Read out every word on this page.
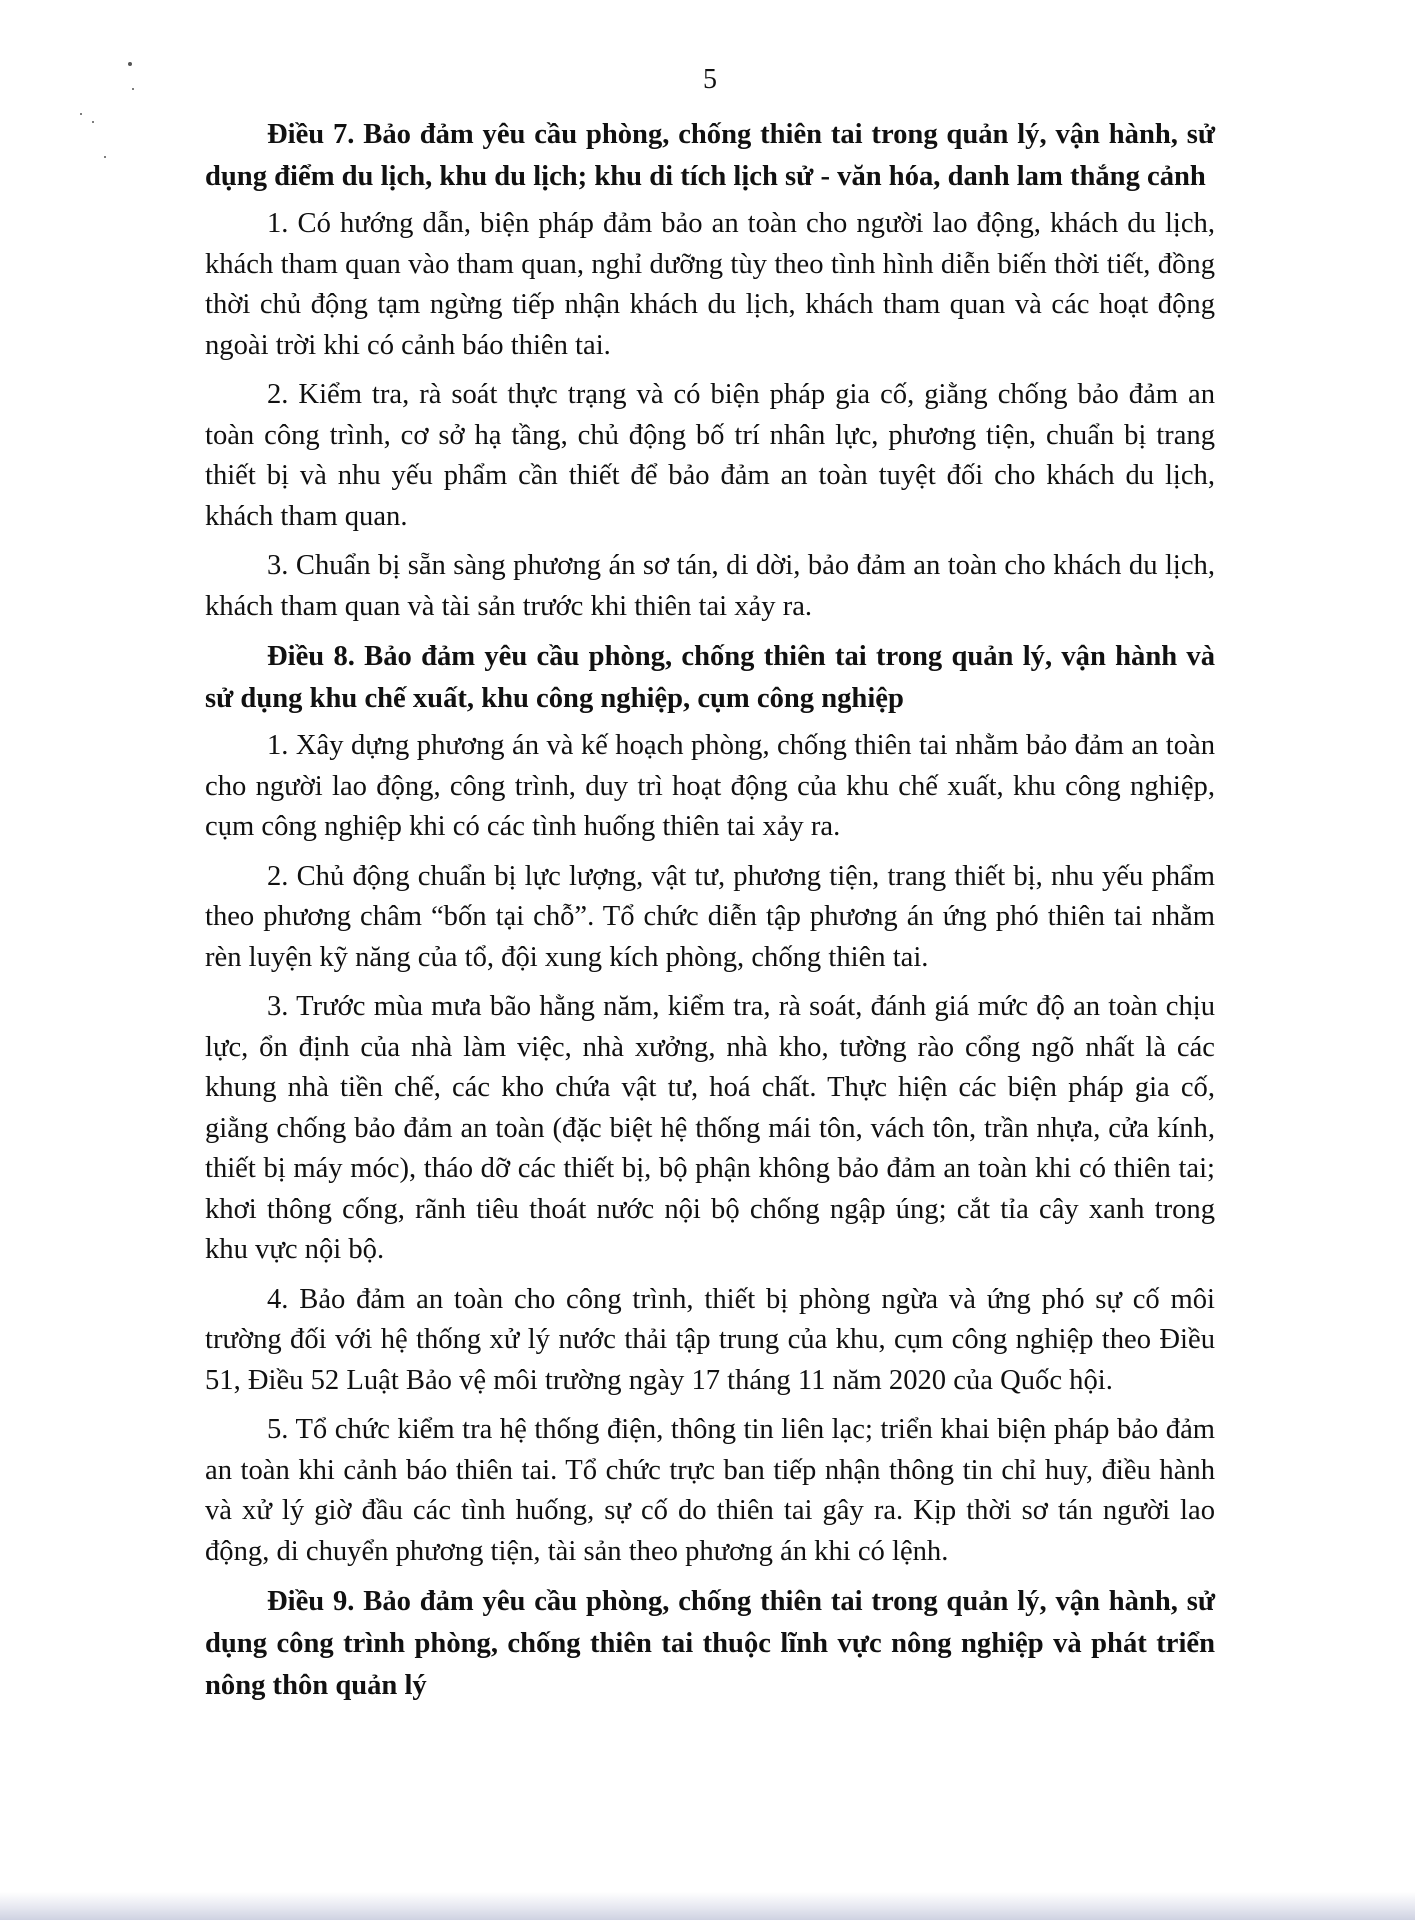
5
Điều 7. Bảo đảm yêu cầu phòng, chống thiên tai trong quản lý, vận hành, sử dụng điểm du lịch, khu du lịch; khu di tích lịch sử - văn hóa, danh lam thắng cảnh

1. Có hướng dẫn, biện pháp đảm bảo an toàn cho người lao động, khách du lịch, khách tham quan vào tham quan, nghỉ dưỡng tùy theo tình hình diễn biến thời tiết, đồng thời chủ động tạm ngừng tiếp nhận khách du lịch, khách tham quan và các hoạt động ngoài trời khi có cảnh báo thiên tai.

2. Kiểm tra, rà soát thực trạng và có biện pháp gia cố, giằng chống bảo đảm an toàn công trình, cơ sở hạ tầng, chủ động bố trí nhân lực, phương tiện, chuẩn bị trang thiết bị và nhu yếu phẩm cần thiết để bảo đảm an toàn tuyệt đối cho khách du lịch, khách tham quan.

3. Chuẩn bị sẵn sàng phương án sơ tán, di dời, bảo đảm an toàn cho khách du lịch, khách tham quan và tài sản trước khi thiên tai xảy ra.

Điều 8. Bảo đảm yêu cầu phòng, chống thiên tai trong quản lý, vận hành và sử dụng khu chế xuất, khu công nghiệp, cụm công nghiệp

1. Xây dựng phương án và kế hoạch phòng, chống thiên tai nhằm bảo đảm an toàn cho người lao động, công trình, duy trì hoạt động của khu chế xuất, khu công nghiệp, cụm công nghiệp khi có các tình huống thiên tai xảy ra.

2. Chủ động chuẩn bị lực lượng, vật tư, phương tiện, trang thiết bị, nhu yếu phẩm theo phương châm “bốn tại chỗ”. Tổ chức diễn tập phương án ứng phó thiên tai nhằm rèn luyện kỹ năng của tổ, đội xung kích phòng, chống thiên tai.

3. Trước mùa mưa bão hằng năm, kiểm tra, rà soát, đánh giá mức độ an toàn chịu lực, ổn định của nhà làm việc, nhà xưởng, nhà kho, tường rào cổng ngõ nhất là các khung nhà tiền chế, các kho chứa vật tư, hoá chất. Thực hiện các biện pháp gia cố, giằng chống bảo đảm an toàn (đặc biệt hệ thống mái tôn, vách tôn, trần nhựa, cửa kính, thiết bị máy móc), tháo dỡ các thiết bị, bộ phận không bảo đảm an toàn khi có thiên tai; khơi thông cống, rãnh tiêu thoát nước nội bộ chống ngập úng; cắt tỉa cây xanh trong khu vực nội bộ.

4. Bảo đảm an toàn cho công trình, thiết bị phòng ngừa và ứng phó sự cố môi trường đối với hệ thống xử lý nước thải tập trung của khu, cụm công nghiệp theo Điều 51, Điều 52 Luật Bảo vệ môi trường ngày 17 tháng 11 năm 2020 của Quốc hội.

5. Tổ chức kiểm tra hệ thống điện, thông tin liên lạc; triển khai biện pháp bảo đảm an toàn khi cảnh báo thiên tai. Tổ chức trực ban tiếp nhận thông tin chỉ huy, điều hành và xử lý giờ đầu các tình huống, sự cố do thiên tai gây ra. Kịp thời sơ tán người lao động, di chuyển phương tiện, tài sản theo phương án khi có lệnh.

Điều 9. Bảo đảm yêu cầu phòng, chống thiên tai trong quản lý, vận hành, sử dụng công trình phòng, chống thiên tai thuộc lĩnh vực nông nghiệp và phát triển nông thôn quản lý
